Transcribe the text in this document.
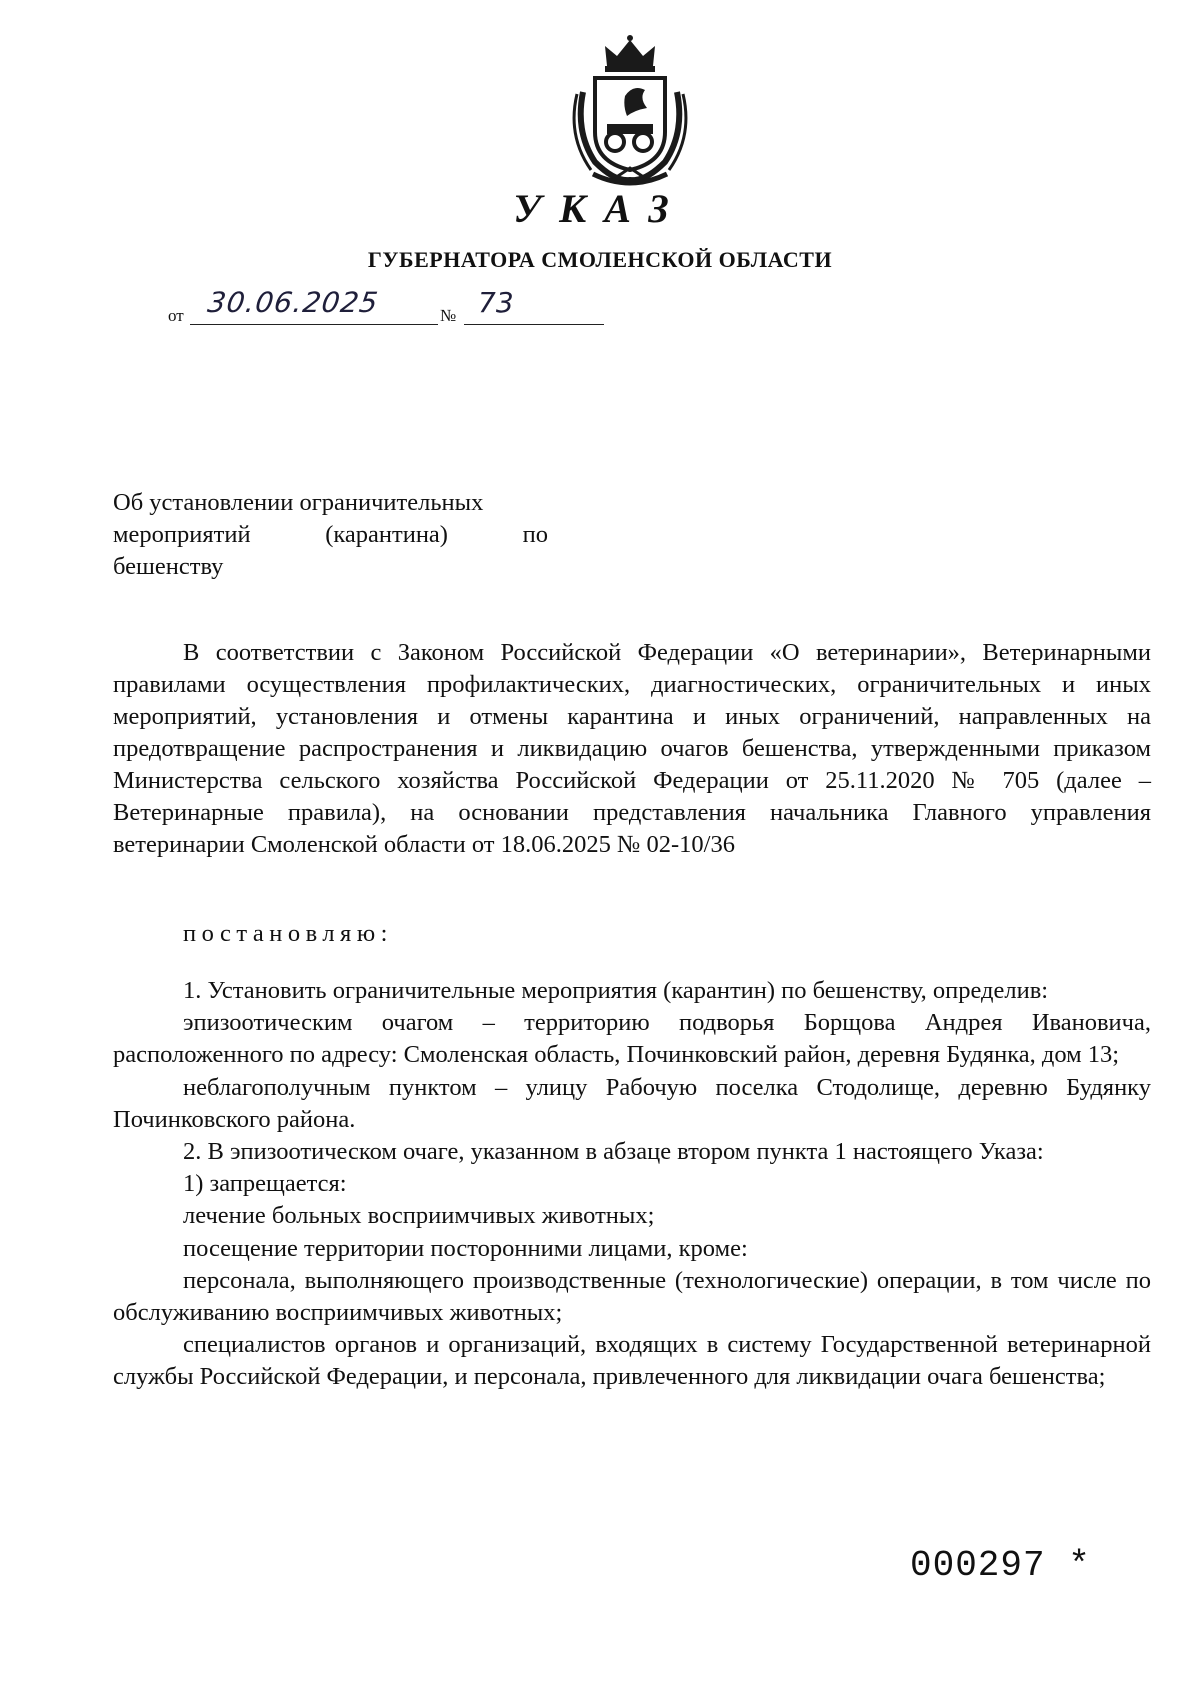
УКАЗ
ГУБЕРНАТОРА СМОЛЕНСКОЙ ОБЛАСТИ
от 30.06.2025	№ 73
Об установлении ограничительных
мероприятий	(карантина)	по
бешенству

В соответствии с Законом Российской Федерации «О ветеринарии», Ветеринарными правилами осуществления профилактических, диагностических, ограничительных и иных мероприятий, установления и отмены карантина и иных ограничений, направленных на предотвращение распространения и ликвидацию очагов бешенства, утвержденными приказом Министерства сельского хозяйства Российской Федерации от 25.11.2020 № 705 (далее – Ветеринарные правила), на основании представления начальника Главного управления ветеринарии Смоленской области от 18.06.2025 № 02-10/36

постановляю:

1. Установить ограничительные мероприятия (карантин) по бешенству, определив:

эпизоотическим очагом – территорию подворья Борщова Андрея Ивановича, расположенного по адресу: Смоленская область, Починковский район, деревня Будянка, дом 13;

неблагополучным пунктом – улицу Рабочую поселка Стодолище, деревню Будянку Починковского района.

2. В эпизоотическом очаге, указанном в абзаце втором пункта 1 настоящего Указа:

1) запрещается:

лечение больных восприимчивых животных;

посещение территории посторонними лицами, кроме:

персонала, выполняющего производственные (технологические) операции, в том числе по обслуживанию восприимчивых животных;

специалистов органов и организаций, входящих в систему Государственной ветеринарной службы Российской Федерации, и персонала, привлеченного для ликвидации очага бешенства;

000297 *
